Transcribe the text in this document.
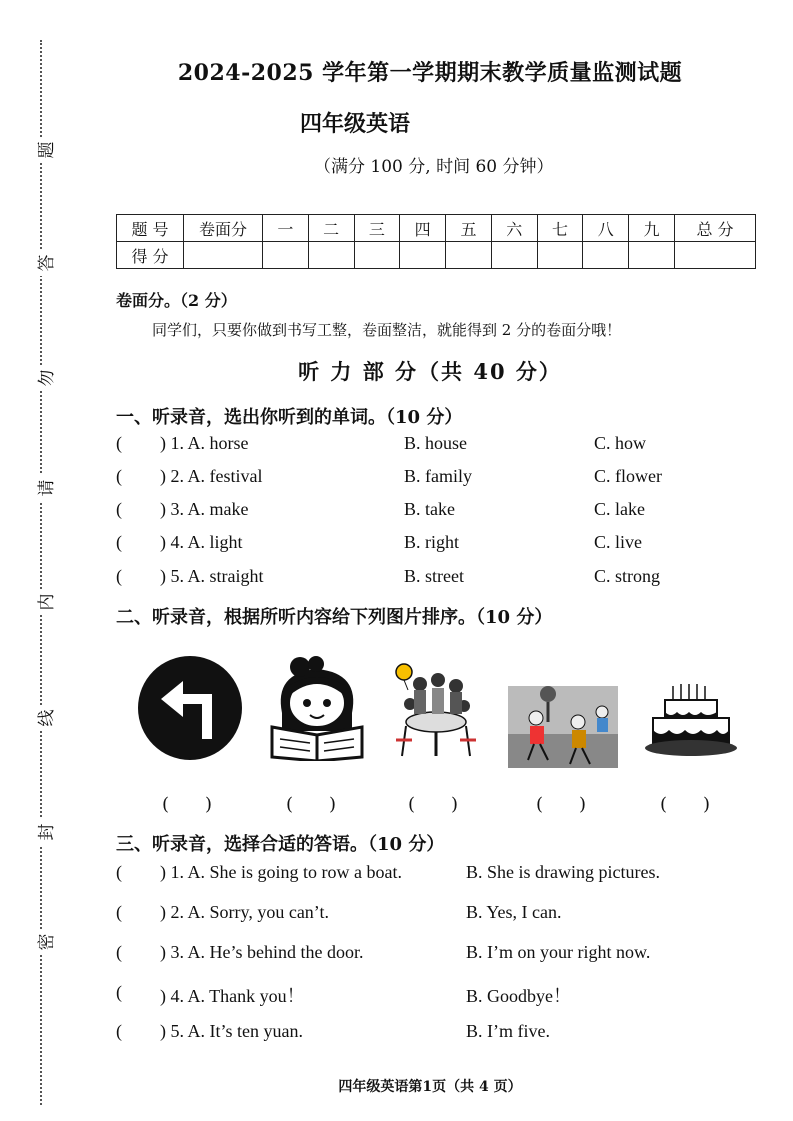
题
答
勿
请
内
线
封
密
2024-2025 学年第一学期期末教学质量监测试题
四年级英语
（满分 100 分, 时间 60 分钟）
题 号	卷面分	一	二	三	四	五	六	七	八	九	总 分
得 分											
卷面分。（2 分）
同学们，只要你做到书写工整，卷面整洁，就能得到 2 分的卷面分哦！
听 力 部 分（共 40 分）
一、听录音，选出你听到的单词。（10 分）
( ) 1. A. horse	B. house	C. how
( ) 2. A. festival	B. family	C. flower
( ) 3. A. make	B. take	C. lake
( ) 4. A. light	B. right	C. live
( ) 5. A. straight	B. street	C. strong
二、听录音，根据所听内容给下列图片排序。（10 分）
(　　)	(　　)	(　　)	(　　)	(　　)
三、听录音，选择合适的答语。（10 分）
( ) 1. A. She is going to row a boat.	B. She is drawing pictures.
( ) 2. A. Sorry, you can’t.	B. Yes, I can.
( ) 3. A. He’s behind the door.	B. I’m on your right now.
( ) 4. A. Thank you！	B. Goodbye！
( ) 5. A. It’s ten yuan.	B. I’m five.
四年级英语第1页（共 4 页）
